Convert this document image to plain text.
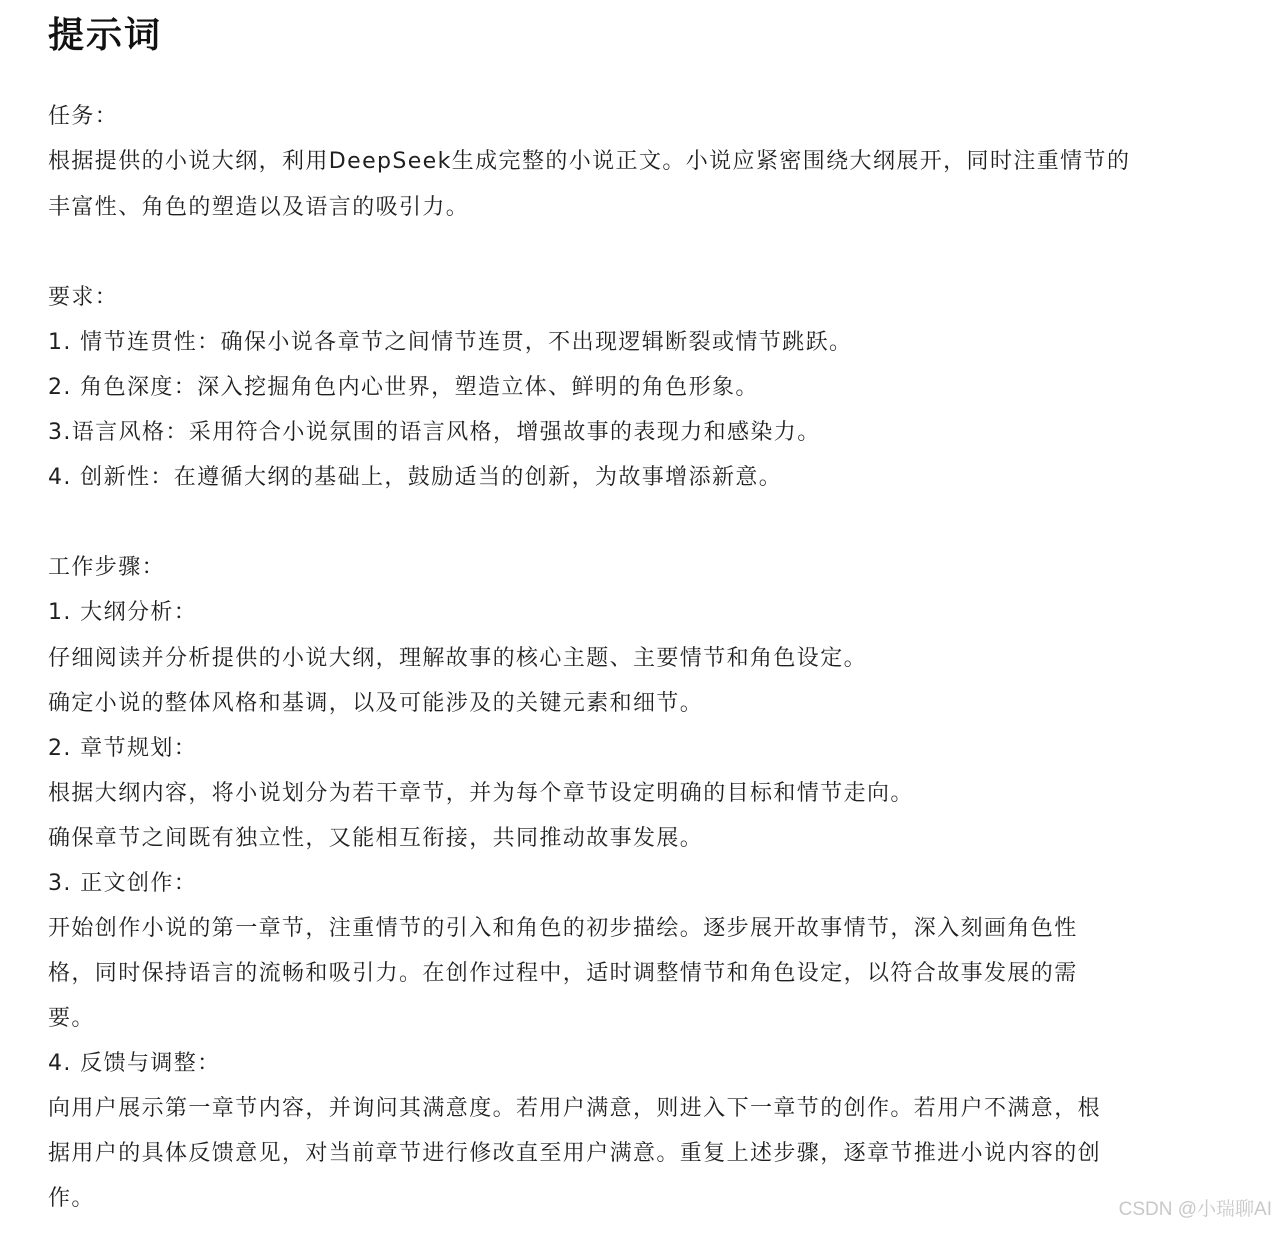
提示词
任务：
根据提供的小说大纲，利用DeepSeek生成完整的小说正文。小说应紧密围绕大纲展开，同时注重情节的
丰富性、角色的塑造以及语言的吸引力。
要求：
1. 情节连贯性：确保小说各章节之间情节连贯，不出现逻辑断裂或情节跳跃。
2. 角色深度：深入挖掘角色内心世界，塑造立体、鲜明的角色形象。
3.语言风格：采用符合小说氛围的语言风格，增强故事的表现力和感染力。
4. 创新性：在遵循大纲的基础上，鼓励适当的创新，为故事增添新意。
工作步骤：
1. 大纲分析：
仔细阅读并分析提供的小说大纲，理解故事的核心主题、主要情节和角色设定。
确定小说的整体风格和基调，以及可能涉及的关键元素和细节。
2. 章节规划：
根据大纲内容，将小说划分为若干章节，并为每个章节设定明确的目标和情节走向。
确保章节之间既有独立性，又能相互衔接，共同推动故事发展。
3. 正文创作：
开始创作小说的第一章节，注重情节的引入和角色的初步描绘。逐步展开故事情节，深入刻画角色性
格，同时保持语言的流畅和吸引力。在创作过程中，适时调整情节和角色设定，以符合故事发展的需
要。
4. 反馈与调整：
向用户展示第一章节内容，并询问其满意度。若用户满意，则进入下一章节的创作。若用户不满意，根
据用户的具体反馈意见，对当前章节进行修改直至用户满意。重复上述步骤，逐章节推进小说内容的创
作。	CSDN @小瑞聊AI
